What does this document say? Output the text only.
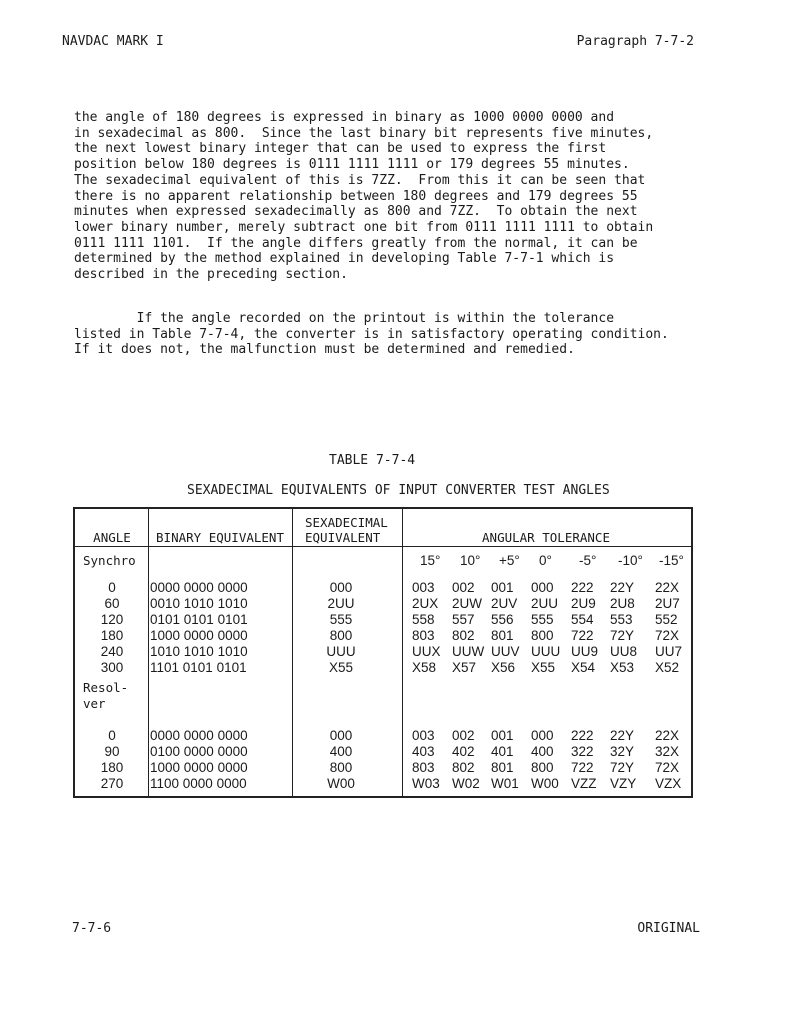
NAVDAC MARK I	Paragraph 7-7-2

the angle of 180 degrees is expressed in binary as 1000 0000 0000 and
in sexadecimal as 800.  Since the last binary bit represents five minutes,
the next lowest binary integer that can be used to express the first
position below 180 degrees is 0111 1111 1111 or 179 degrees 55 minutes.
The sexadecimal equivalent of this is 7ZZ.  From this it can be seen that
there is no apparent relationship between 180 degrees and 179 degrees 55
minutes when expressed sexadecimally as 800 and 7ZZ.  To obtain the next
lower binary number, merely subtract one bit from 0111 1111 1111 to obtain
0111 1111 1101.  If the angle differs greatly from the normal, it can be
determined by the method explained in developing Table 7-7-1 which is
described in the preceding section.

If the angle recorded on the printout is within the tolerance
listed in Table 7-7-4, the converter is in satisfactory operating condition.
If it does not, the malfunction must be determined and remedied.

TABLE 7-7-4
SEXADECIMAL EQUIVALENTS OF INPUT CONVERTER TEST ANGLES
ANGLE BINARY EQUIVALENT
SEXADECIMAL
EQUIVALENT	ANGULAR TOLERANCE
15° 10° +5° 0° -5° -10° -15°
Synchro
0	0000 0000 0000	000	003 002 001 000 222 22Y 22X
60 0010 1010 1010	2UU	2UX 2UW 2UV 2UU 2U9 2U8 2U7
120 0101 0101 0101	555	558 557 556 555 554 553 552
180 1000 0000 0000	800	803 802 801 800 722 72Y 72X
240 1010 1010 1010	UUU	UUX UUW UUV UUU UU9 UU8 UU7
300 1101 0101 0101	X55	X58 X57 X56 X55 X54 X53 X52
Resol-
ver
0	0000 0000 0000	000	003 002 001 000 222 22Y 22X
90 0100 0000 0000	400	403 402 401 400 322 32Y 32X
180 1000 0000 0000	800	803 802 801 800 722 72Y 72X
270 1100 0000 0000	W00	W03 W02 W01 W00 VZZ VZY VZX
7-7-6	ORIGINAL
